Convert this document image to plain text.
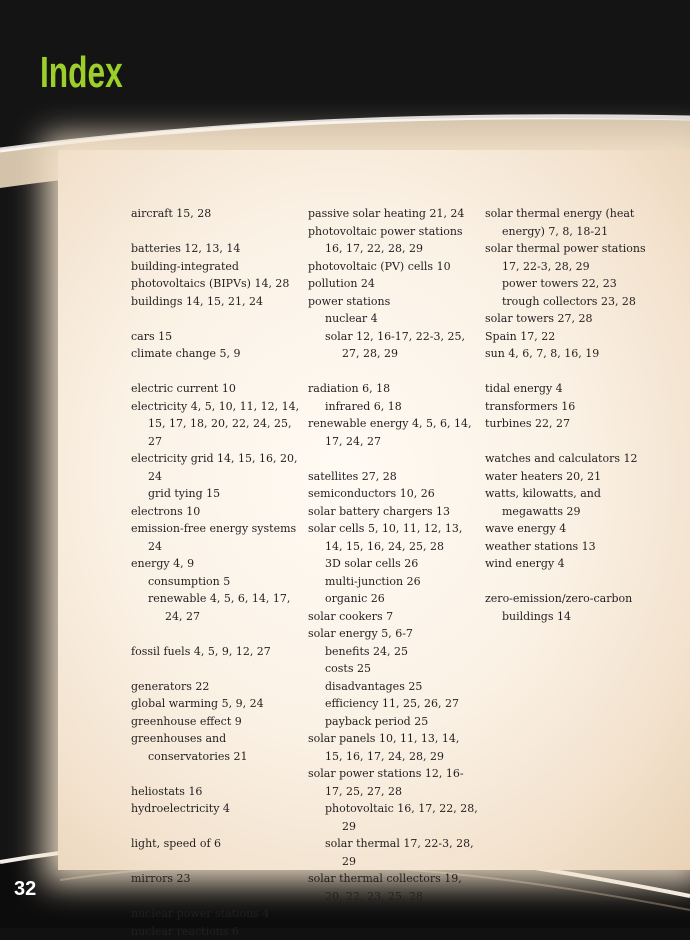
Index
aircraft 15, 28
batteries 12, 13, 14
building-integrated
photovoltaics (BIPVs) 14, 28
buildings 14, 15, 21, 24
cars 15
climate change 5, 9
electric current 10
electricity 4, 5, 10, 11, 12, 14, 15, 17, 18, 20, 22, 24, 25, 27
electricity grid 14, 15, 16, 20, 24
grid tying 15
electrons 10
emission-free energy systems 24
energy 4, 9
consumption 5
renewable 4, 5, 6, 14, 17, 24, 27
fossil fuels 4, 5, 9, 12, 27
generators 22
global warming 5, 9, 24
greenhouse effect 9
greenhouses and conservatories 21
heliostats 16
hydroelectricity 4
light, speed of 6
mirrors 23
nuclear power stations 4
nuclear reactions 6
passive solar heating 21, 24
photovoltaic power stations 16, 17, 22, 28, 29
photovoltaic (PV) cells 10
pollution 24
power stations
nuclear 4
solar 12, 16-17, 22-3, 25, 27, 28, 29
radiation 6, 18
infrared 6, 18
renewable energy 4, 5, 6, 14, 17, 24, 27
satellites 27, 28
semiconductors 10, 26
solar battery chargers 13
solar cells 5, 10, 11, 12, 13, 14, 15, 16, 24, 25, 28
3D solar cells 26
multi-junction 26
organic 26
solar cookers 7
solar energy 5, 6-7
benefits 24, 25
costs 25
disadvantages 25
efficiency 11, 25, 26, 27
payback period 25
solar panels 10, 11, 13, 14, 15, 16, 17, 24, 28, 29
solar power stations 12, 16-17, 25, 27, 28
photovoltaic 16, 17, 22, 28, 29
solar thermal 17, 22-3, 28, 29
solar thermal collectors 19, 20, 22, 23, 25, 28
solar thermal energy (heat energy) 7, 8, 18-21
solar thermal power stations 17, 22-3, 28, 29
power towers 22, 23
trough collectors 23, 28
solar towers 27, 28
Spain 17, 22
sun 4, 6, 7, 8, 16, 19
tidal energy 4
transformers 16
turbines 22, 27
watches and calculators 12
water heaters 20, 21
watts, kilowatts, and megawatts 29
wave energy 4
weather stations 13
wind energy 4
zero-emission/zero-carbon buildings 14
32
